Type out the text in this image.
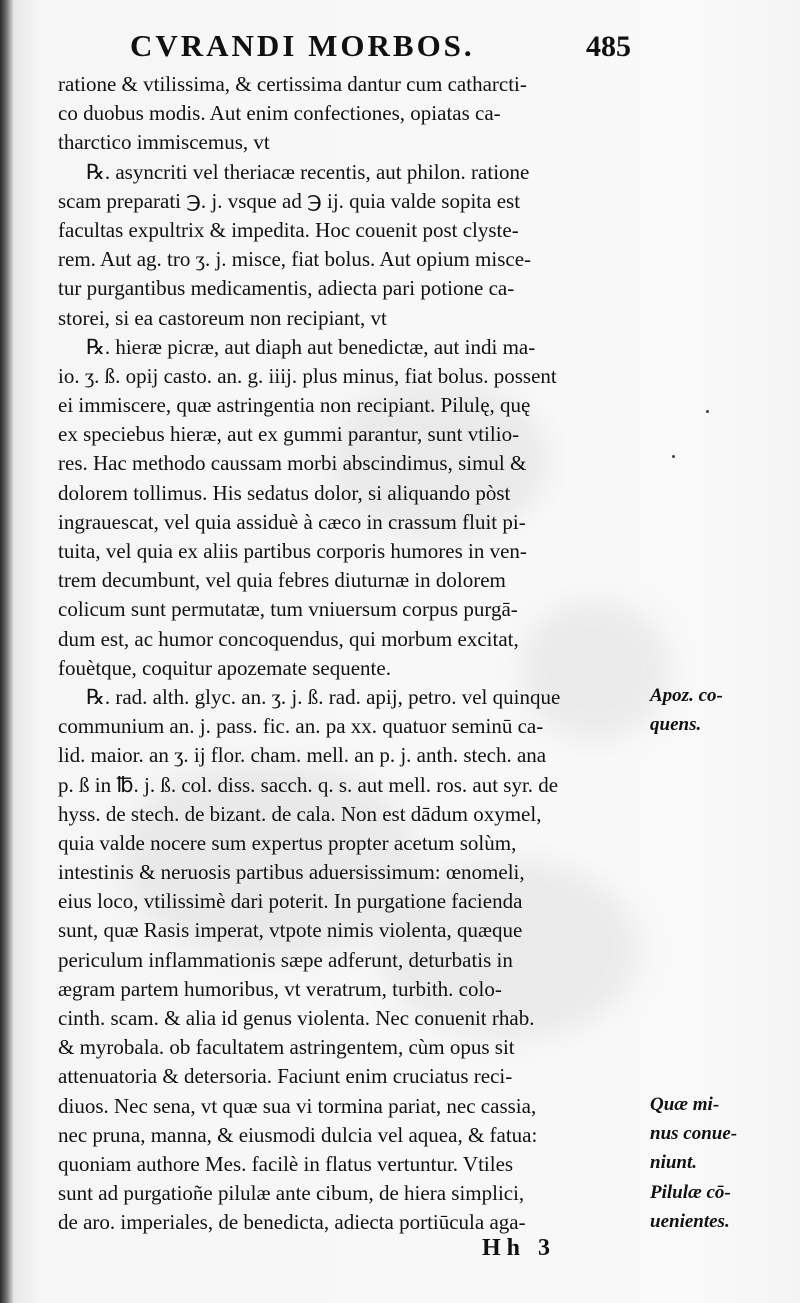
CVRANDI MORBOS.	485
ratione & vtilissima, & certissima dantur cum catharcti-
co duobus modis. Aut enim confectiones, opiatas ca-
tharctico immiscemus, vt
℞. asyncriti vel theriacæ recentis, aut philon. ratione
scam preparati ℈. j. vsque ad ℈ ij. quia valde sopita est
facultas expultrix & impedita. Hoc couenit post clyste-
rem. Aut ag. tro ʒ. j. misce, fiat bolus. Aut opium misce-
tur purgantibus medicamentis, adiecta pari potione ca-
storei, si ea castoreum non recipiant, vt
℞. hieræ picræ, aut diaph aut benedictæ, aut indi ma-
io. ʒ. ß. opij casto. an. g. iiij. plus minus, fiat bolus. possent
ei immiscere, quæ astringentia non recipiant. Pilulę, quę
ex speciebus hieræ, aut ex gummi parantur, sunt vtilio-
res. Hac methodo caussam morbi abscindimus, simul &
dolorem tollimus. His sedatus dolor, si aliquando pòst
ingrauescat, vel quia assiduè à cæco in crassum fluit pi-
tuita, vel quia ex aliis partibus corporis humores in ven-
trem decumbunt, vel quia febres diuturnæ in dolorem
colicum sunt permutatæ, tum vniuersum corpus purgā-
dum est, ac humor concoquendus, qui morbum excitat,
fouètque, coquitur apozemate sequente.
℞. rad. alth. glyc. an. ʒ. j. ß. rad. apij, petro. vel quinque
communium an. j. pass. fic. an. pa xx. quatuor seminū ca-
lid. maior. an ʒ. ij flor. cham. mell. an p. j. anth. stech. ana
p. ß in ℔. j. ß. col. diss. sacch. q. s. aut mell. ros. aut syr. de
hyss. de stech. de bizant. de cala. Non est dādum oxymel,
quia valde nocere sum expertus propter acetum solùm,
intestinis & neruosis partibus aduersissimum: œnomeli,
eius loco, vtilissimè dari poterit. In purgatione facienda
sunt, quæ Rasis imperat, vtpote nimis violenta, quæque
periculum inflammationis sæpe adferunt, deturbatis in
ægram partem humoribus, vt veratrum, turbith. colo-
cinth. scam. & alia id genus violenta. Nec conuenit rhab.
& myrobala. ob facultatem astringentem, cùm opus sit
attenuatoria & detersoria. Faciunt enim cruciatus reci-
diuos. Nec sena, vt quæ sua vi tormina pariat, nec cassia,
nec pruna, manna, & eiusmodi dulcia vel aquea, & fatua:
quoniam authore Mes. facilè in flatus vertuntur. Vtiles
sunt ad purgatioñe pilulæ ante cibum, de hiera simplici,
de aro. imperiales, de benedicta, adiecta portiūcula aga-
Apoz. co-
quens.
Quæ mi-
nus conue-
niunt.
Pilulæ cō-
uenientes.
Hh 3
